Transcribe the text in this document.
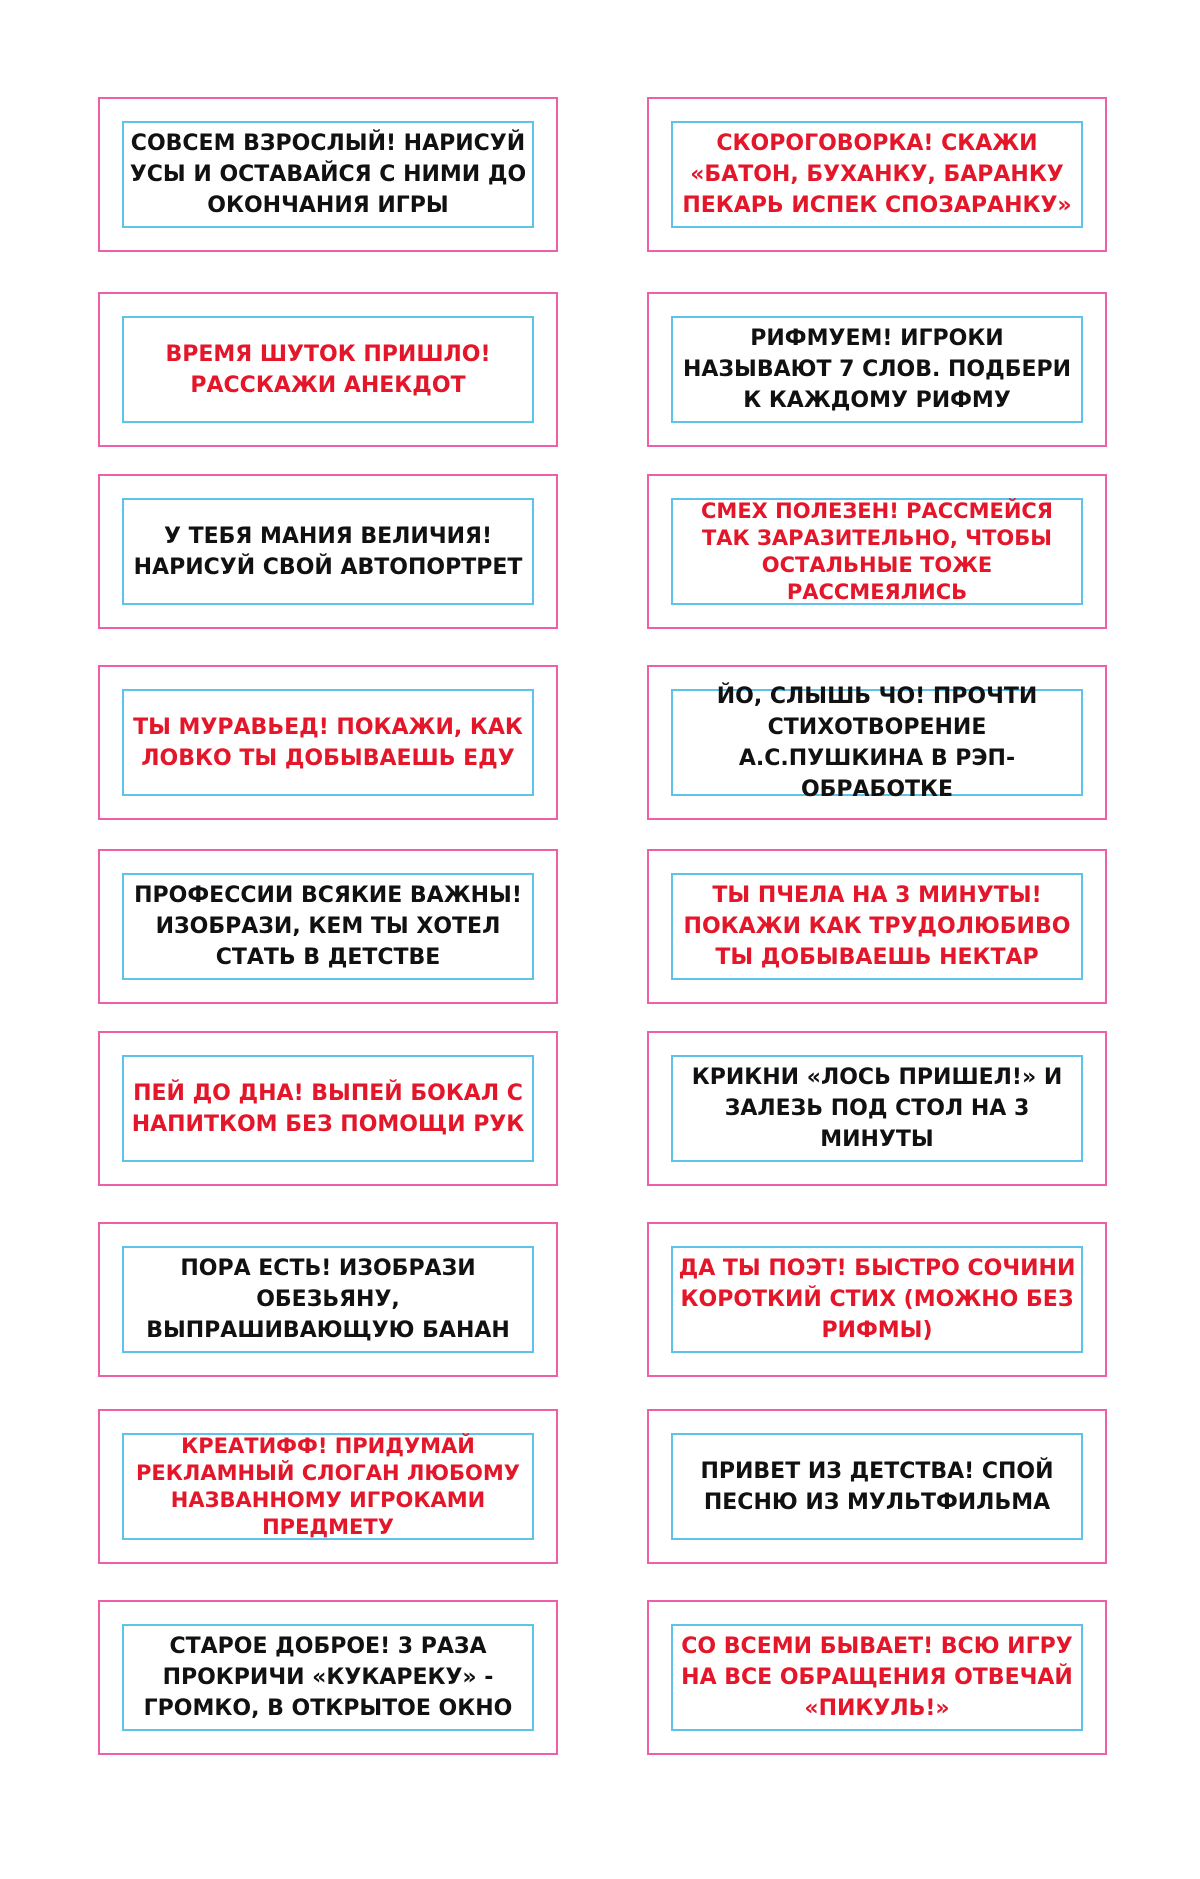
СОВСЕМ ВЗРОСЛЫЙ! НАРИСУЙ УСЫ И ОСТАВАЙСЯ С НИМИ ДО ОКОНЧАНИЯ ИГРЫ
СКОРОГОВОРКА! СКАЖИ «БАТОН, БУХАНКУ, БАРАНКУ ПЕКАРЬ ИСПЕК СПОЗАРАНКУ»
ВРЕМЯ ШУТОК ПРИШЛО! РАССКАЖИ АНЕКДОТ
РИФМУЕМ! ИГРОКИ НАЗЫВАЮТ 7 СЛОВ. ПОДБЕРИ К КАЖДОМУ РИФМУ
У ТЕБЯ МАНИЯ ВЕЛИЧИЯ! НАРИСУЙ СВОЙ АВТОПОРТРЕТ
СМЕХ ПОЛЕЗЕН! РАССМЕЙСЯ ТАК ЗАРАЗИТЕЛЬНО, ЧТОБЫ ОСТАЛЬНЫЕ ТОЖЕ РАССМЕЯЛИСЬ
ТЫ МУРАВЬЕД! ПОКАЖИ, КАК ЛОВКО ТЫ ДОБЫВАЕШЬ ЕДУ
ЙО, СЛЫШЬ ЧО! ПРОЧТИ СТИХОТВОРЕНИЕ А.С.ПУШКИНА В РЭП-ОБРАБОТКЕ
ПРОФЕССИИ ВСЯКИЕ ВАЖНЫ! ИЗОБРАЗИ, КЕМ ТЫ ХОТЕЛ СТАТЬ В ДЕТСТВЕ
ТЫ ПЧЕЛА НА 3 МИНУТЫ! ПОКАЖИ КАК ТРУДОЛЮБИВО ТЫ ДОБЫВАЕШЬ НЕКТАР
ПЕЙ ДО ДНА! ВЫПЕЙ БОКАЛ С НАПИТКОМ БЕЗ ПОМОЩИ РУК
КРИКНИ «ЛОСЬ ПРИШЕЛ!» И ЗАЛЕЗЬ ПОД СТОЛ НА 3 МИНУТЫ
ПОРА ЕСТЬ! ИЗОБРАЗИ ОБЕЗЬЯНУ, ВЫПРАШИВАЮЩУЮ БАНАН
ДА ТЫ ПОЭТ! БЫСТРО СОЧИНИ КОРОТКИЙ СТИХ (МОЖНО БЕЗ РИФМЫ)
КРЕАТИФФ! ПРИДУМАЙ РЕКЛАМНЫЙ СЛОГАН ЛЮБОМУ НАЗВАННОМУ ИГРОКАМИ ПРЕДМЕТУ
ПРИВЕТ ИЗ ДЕТСТВА! СПОЙ ПЕСНЮ ИЗ МУЛЬТФИЛЬМА
СТАРОЕ ДОБРОЕ! 3 РАЗА ПРОКРИЧИ «КУКАРЕКУ» - ГРОМКО, В ОТКРЫТОЕ ОКНО
СО ВСЕМИ БЫВАЕТ! ВСЮ ИГРУ НА ВСЕ ОБРАЩЕНИЯ ОТВЕЧАЙ «ПИКУЛЬ!»
